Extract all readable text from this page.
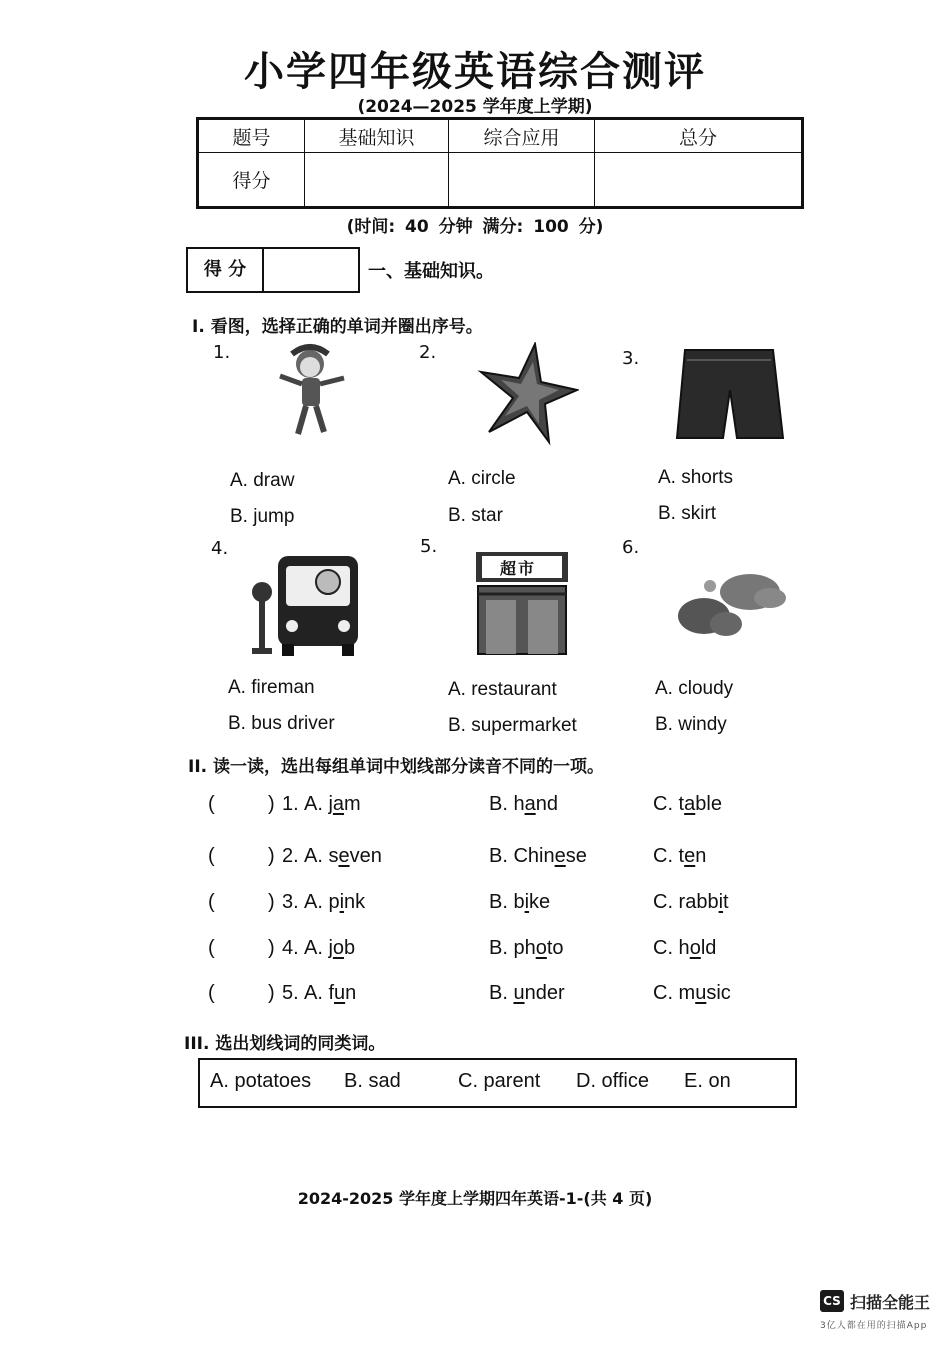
小学四年级英语综合测评
(2024—2025 学年度上学期)
题号	基础知识	综合应用	总分
得分			
(时间: 40 分钟 满分: 100 分)
得 分	一、基础知识。
I. 看图，选择正确的单词并圈出序号。
1.
A. draw
B. jump
2.
A. circle
B. star
3.
A. shorts
B. skirt
4.
A. fireman
B. bus driver
5.
超市
A. restaurant
B. supermarket
6.
A. cloudy
B. windy
II. 读一读，选出每组单词中划线部分读音不同的一项。
(	) 1. A. jam	B. hand	C. table
(	) 2. A. seven	B. Chinese	C. ten
(	) 3. A. pink	B. bike	C. rabbit
(	) 4. A. job	B. photo	C. hold
(	) 5. A. fun	B. under	C. music
III. 选出划线词的同类词。
A. potatoes B. sad	C. parent D. office E. on
2024-2025 学年度上学期四年英语-1-(共 4 页)
CS 扫描全能王
3亿人都在用的扫描App
